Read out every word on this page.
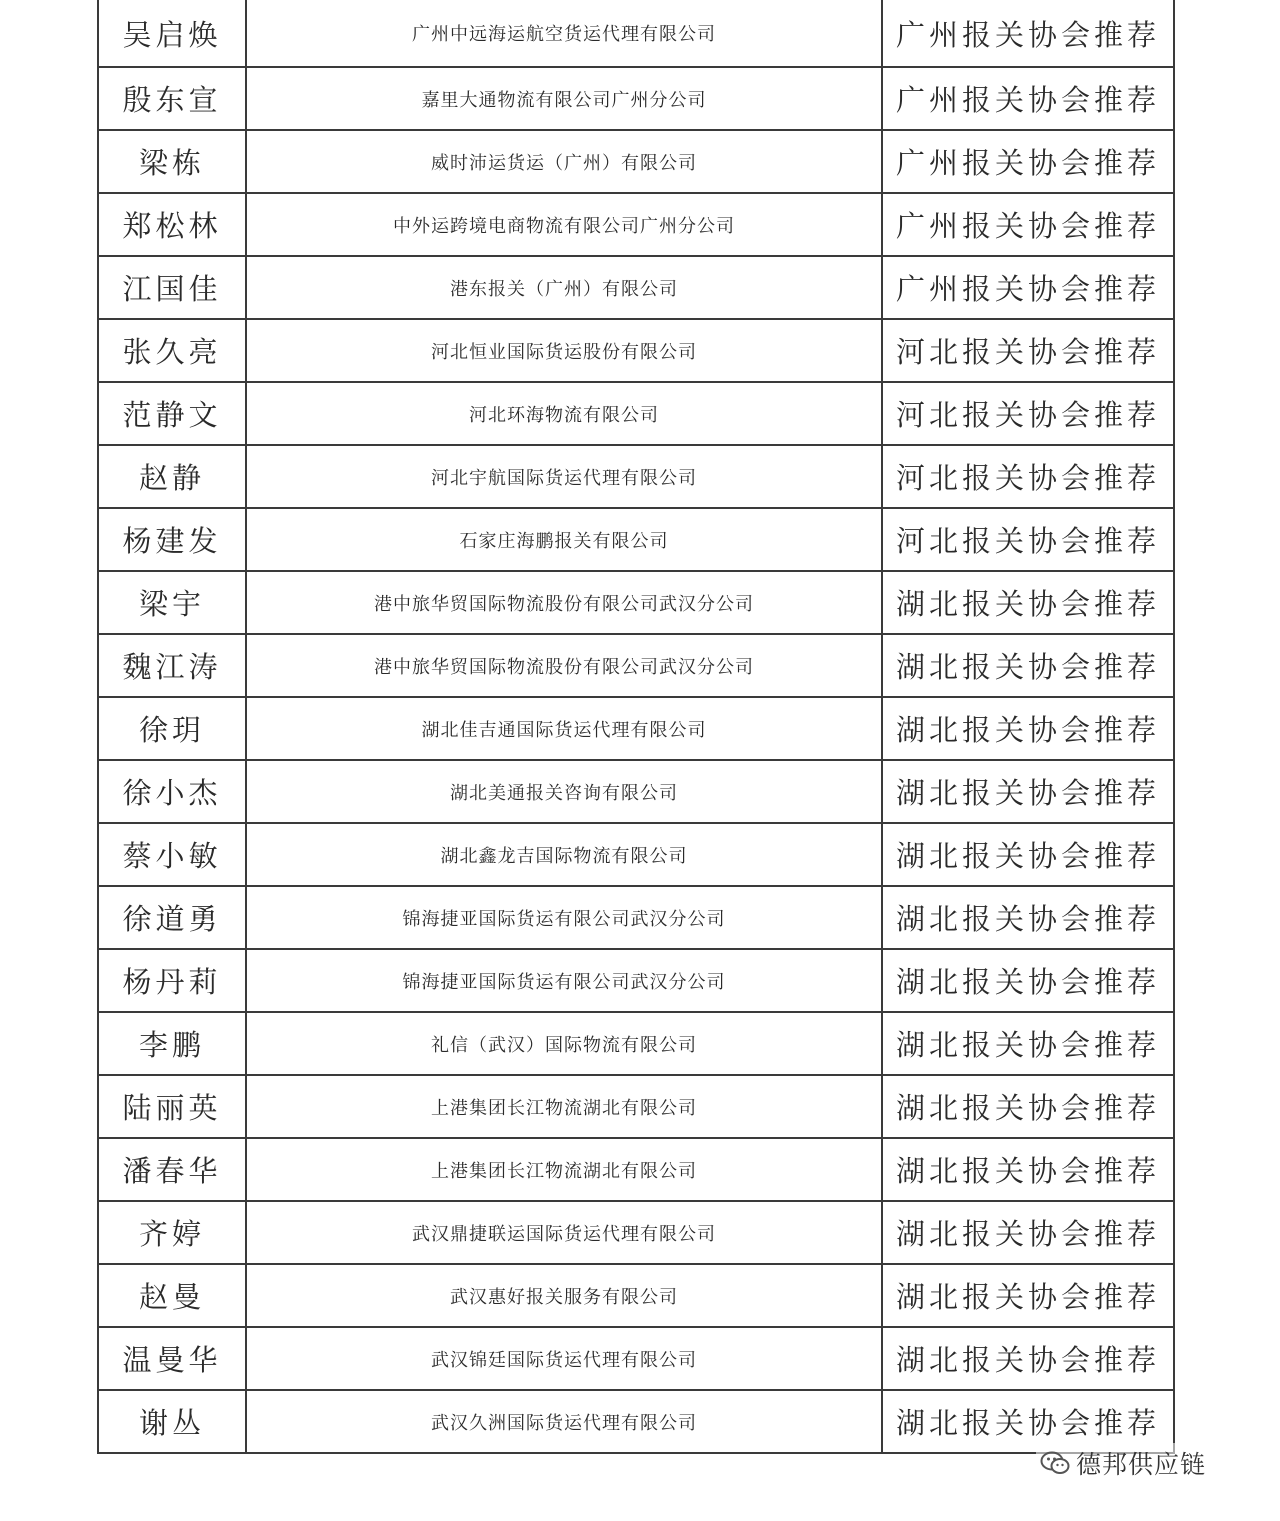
吴启焕	广州中远海运航空货运代理有限公司	广州报关协会推荐
殷东宣	嘉里大通物流有限公司广州分公司	广州报关协会推荐
梁栋	威时沛运货运（广州）有限公司	广州报关协会推荐
郑松林	中外运跨境电商物流有限公司广州分公司	广州报关协会推荐
江国佳	港东报关（广州）有限公司	广州报关协会推荐
张久亮	河北恒业国际货运股份有限公司	河北报关协会推荐
范静文	河北环海物流有限公司	河北报关协会推荐
赵静	河北宇航国际货运代理有限公司	河北报关协会推荐
杨建发	石家庄海鹏报关有限公司	河北报关协会推荐
梁宇	港中旅华贸国际物流股份有限公司武汉分公司	湖北报关协会推荐
魏江涛	港中旅华贸国际物流股份有限公司武汉分公司	湖北报关协会推荐
徐玥	湖北佳吉通国际货运代理有限公司	湖北报关协会推荐
徐小杰	湖北美通报关咨询有限公司	湖北报关协会推荐
蔡小敏	湖北鑫龙吉国际物流有限公司	湖北报关协会推荐
徐道勇	锦海捷亚国际货运有限公司武汉分公司	湖北报关协会推荐
杨丹莉	锦海捷亚国际货运有限公司武汉分公司	湖北报关协会推荐
李鹏	礼信（武汉）国际物流有限公司	湖北报关协会推荐
陆丽英	上港集团长江物流湖北有限公司	湖北报关协会推荐
潘春华	上港集团长江物流湖北有限公司	湖北报关协会推荐
齐婷	武汉鼎捷联运国际货运代理有限公司	湖北报关协会推荐
赵曼	武汉惠好报关服务有限公司	湖北报关协会推荐
温曼华	武汉锦廷国际货运代理有限公司	湖北报关协会推荐
谢丛	武汉久洲国际货运代理有限公司	湖北报关协会推荐
德邦供应链
